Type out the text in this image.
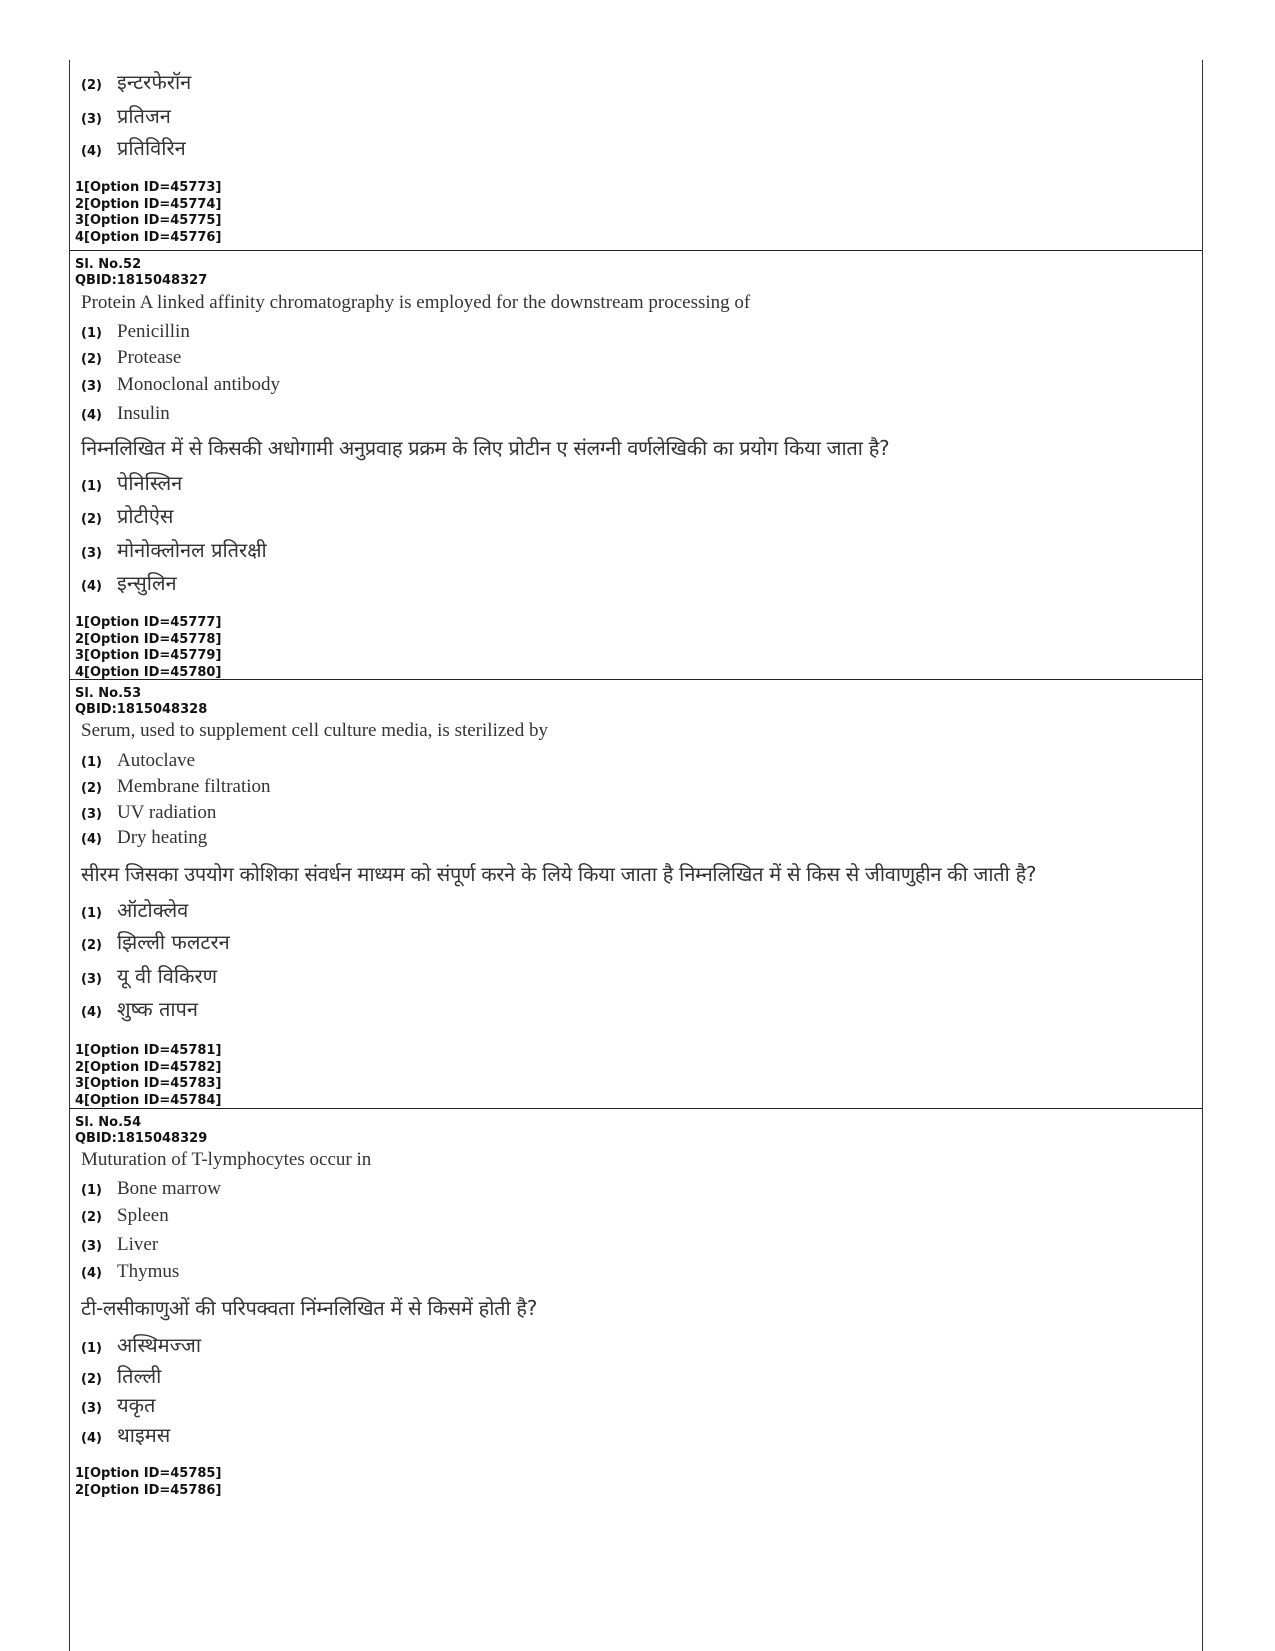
(2) इन्टरफेरॉन
(3) प्रतिजन
(4) प्रतिविरिन
1[Option ID=45773]
2[Option ID=45774]
3[Option ID=45775]
4[Option ID=45776]
Sl. No.52
QBID:1815048327
Protein A linked affinity chromatography is employed for the downstream processing of
(1) Penicillin
(2) Protease
(3) Monoclonal antibody
(4) Insulin
निम्नलिखित में से किसकी अधोगामी अनुप्रवाह प्रक्रम के लिए प्रोटीन ए संलग्नी वर्णलेखिकी का प्रयोग किया जाता है?
(1) पेनिस्लिन
(2) प्रोटीऐस
(3) मोनोक्लोनल प्रतिरक्षी
(4) इन्सुलिन
1[Option ID=45777]
2[Option ID=45778]
3[Option ID=45779]
4[Option ID=45780]
Sl. No.53
QBID:1815048328
Serum, used to supplement cell culture media, is sterilized by
(1) Autoclave
(2) Membrane filtration
(3) UV radiation
(4) Dry heating
सीरम जिसका उपयोग कोशिका संवर्धन माध्यम को संपूर्ण करने के लिये किया जाता है निम्नलिखित में से किस से जीवाणुहीन की जाती है?
(1) ऑटोक्लेव
(2) झिल्ली फलटरन
(3) यू वी विकिरण
(4) शुष्क तापन
1[Option ID=45781]
2[Option ID=45782]
3[Option ID=45783]
4[Option ID=45784]
Sl. No.54
QBID:1815048329
Muturation of T-lymphocytes occur in
(1) Bone marrow
(2) Spleen
(3) Liver
(4) Thymus
टी-लसीकाणुओं की परिपक्वता निंम्नलिखित में से किसमें होती है?
(1) अस्थिमज्जा
(2) तिल्ली
(3) यकृत
(4) थाइमस
1[Option ID=45785]
2[Option ID=45786]
